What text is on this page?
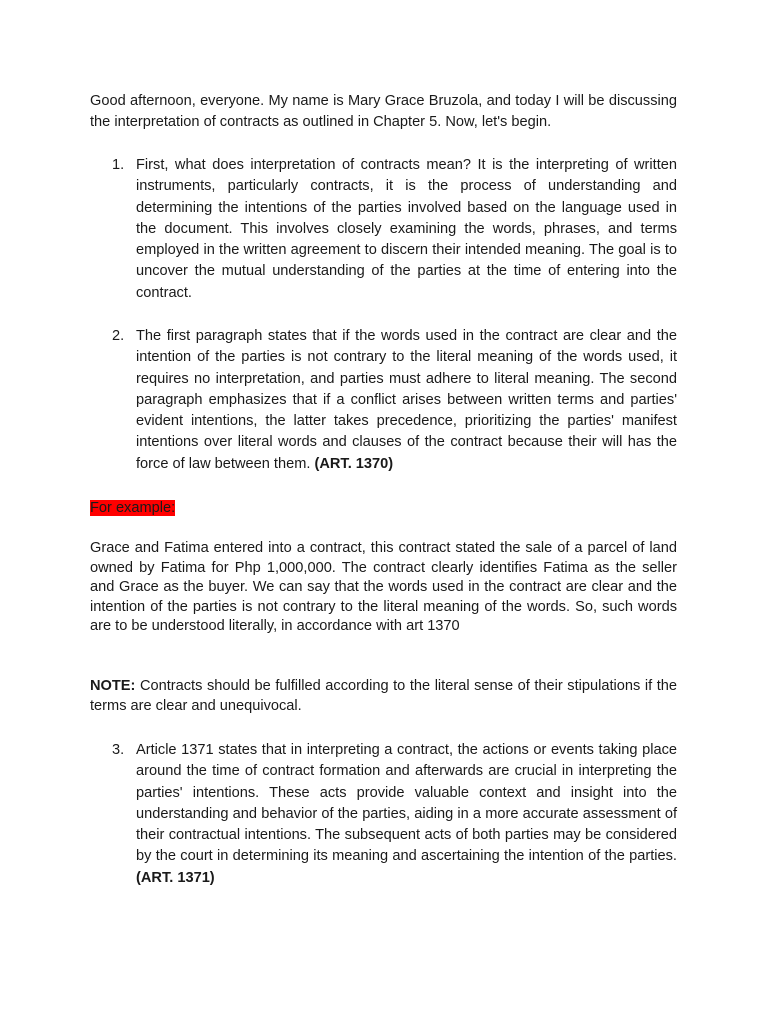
Good afternoon, everyone. My name is Mary Grace Bruzola, and today I will be discussing the interpretation of contracts as outlined in Chapter 5. Now, let's begin.

1. First, what does interpretation of contracts mean? It is the interpreting of written instruments, particularly contracts, it is the process of understanding and determining the intentions of the parties involved based on the language used in the document. This involves closely examining the words, phrases, and terms employed in the written agreement to discern their intended meaning. The goal is to uncover the mutual understanding of the parties at the time of entering into the contract.
2. The first paragraph states that if the words used in the contract are clear and the intention of the parties is not contrary to the literal meaning of the words used, it requires no interpretation, and parties must adhere to literal meaning. The second paragraph emphasizes that if a conflict arises between written terms and parties' evident intentions, the latter takes precedence, prioritizing the parties' manifest intentions over literal words and clauses of the contract because their will has the force of law between them. (ART. 1370)
For example:

Grace and Fatima entered into a contract, this contract stated the sale of a parcel of land owned by Fatima for Php 1,000,000. The contract clearly identifies Fatima as the seller and Grace as the buyer. We can say that the words used in the contract are clear and the intention of the parties is not contrary to the literal meaning of the words. So, such words are to be understood literally, in accordance with art 1370

NOTE: Contracts should be fulfilled according to the literal sense of their stipulations if the terms are clear and unequivocal.

3. Article 1371 states that in interpreting a contract, the actions or events taking place around the time of contract formation and afterwards are crucial in interpreting the parties' intentions. These acts provide valuable context and insight into the understanding and behavior of the parties, aiding in a more accurate assessment of their contractual intentions. The subsequent acts of both parties may be considered by the court in determining its meaning and ascertaining the intention of the parties. (ART. 1371)
